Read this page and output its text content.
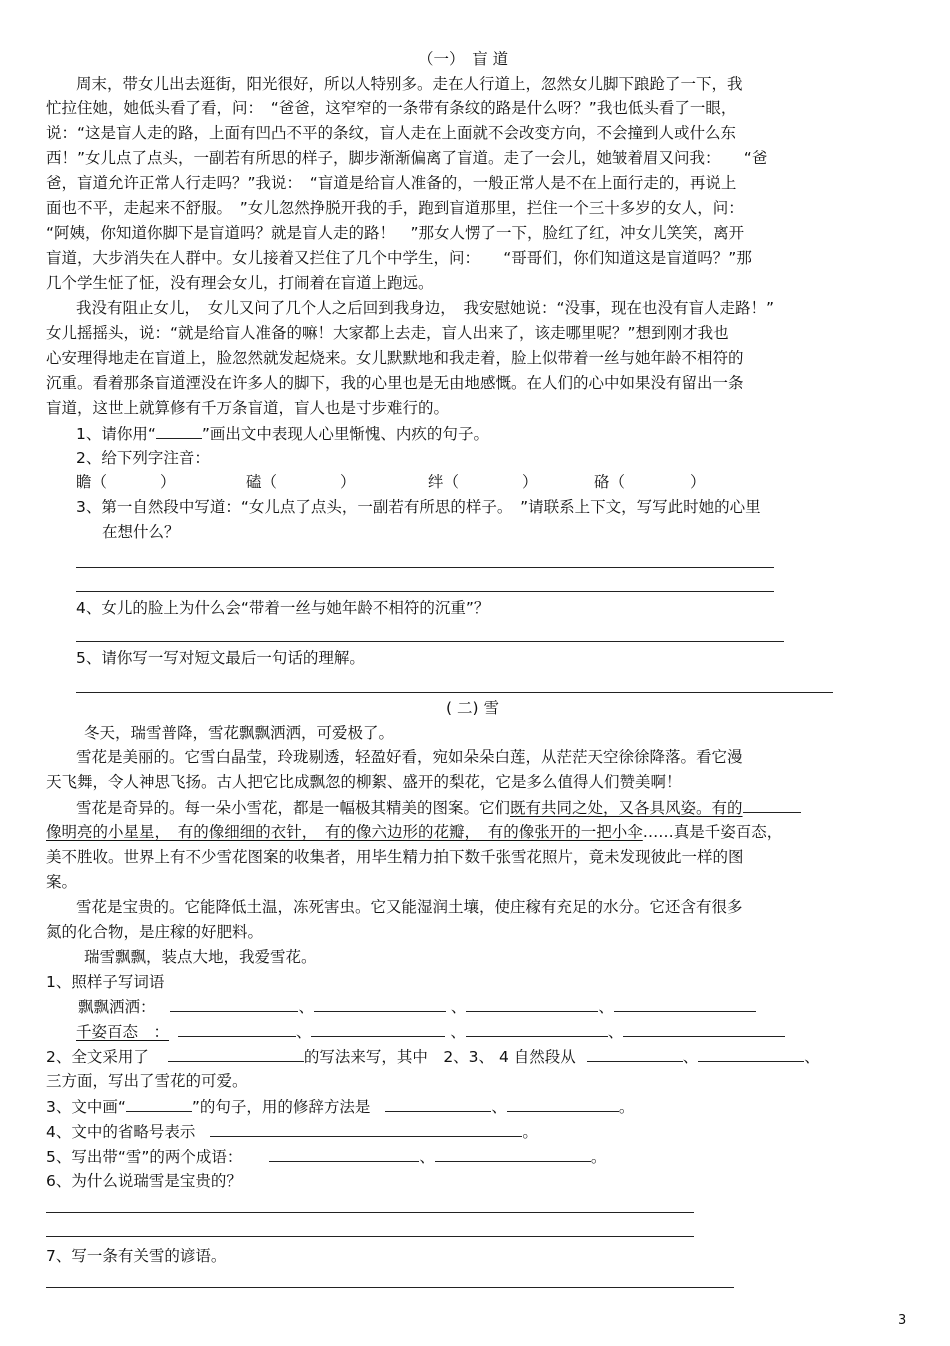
（一）　盲 道
周末，带女儿出去逛街，阳光很好，所以人特别多。走在人行道上，忽然女儿脚下踉跄了一下，我
忙拉住她，她低头看了看，问：　“爸爸，这窄窄的一条带有条纹的路是什么呀？”我也低头看了一眼，
说：“这是盲人走的路，上面有凹凸不平的条纹，盲人走在上面就不会改变方向，不会撞到人或什么东
西！”女儿点了点头，一副若有所思的样子，脚步渐渐偏离了盲道。走了一会儿，她皱着眉又问我：　　“爸
爸，盲道允许正常人行走吗？”我说：　“盲道是给盲人准备的，一般正常人是不在上面行走的，再说上
面也不平，走起来不舒服。　”女儿忽然挣脱开我的手，跑到盲道那里，拦住一个三十多岁的女人，问：
“阿姨，你知道你脚下是盲道吗？就是盲人走的路！　”那女人愣了一下，脸红了红，冲女儿笑笑，离开
盲道，大步消失在人群中。女儿接着又拦住了几个中学生，问：　　“哥哥们，你们知道这是盲道吗？”那
几个学生怔了怔，没有理会女儿，打闹着在盲道上跑远。
我没有阻止女儿，　女儿又问了几个人之后回到我身边，　我安慰她说：“没事，现在也没有盲人走路！”
女儿摇摇头，说：“就是给盲人准备的嘛！大家都上去走，盲人出来了，该走哪里呢？”想到刚才我也
心安理得地走在盲道上，脸忽然就发起烧来。女儿默默地和我走着，脸上似带着一丝与她年龄不相符的
沉重。看着那条盲道湮没在许多人的脚下，我的心里也是无由地感慨。在人们的心中如果没有留出一条
盲道，这世上就算修有千万条盲道，盲人也是寸步难行的。
1、请你用“	”画出文中表现人心里惭愧、内疚的句子。
2、给下列字注音：
瞻（	）	磕（	）	绊（	）	硌（	）
3、第一自然段中写道：“女儿点了点头，一副若有所思的样子。　”请联系上下文，写写此时她的心里
在想什么？
4、女儿的脸上为什么会“带着一丝与她年龄不相符的沉重”？
5、请你写一写对短文最后一句话的理解。
( 二) 雪
冬天，瑞雪普降，雪花飘飘洒洒，可爱极了。
雪花是美丽的。它雪白晶莹，玲珑剔透，轻盈好看，宛如朵朵白莲，从茫茫天空徐徐降落。看它漫
天飞舞，令人神思飞扬。古人把它比成飘忽的柳絮、盛开的梨花，它是多么值得人们赞美啊！
雪花是奇异的。每一朵小雪花，都是一幅极其精美的图案。它们既有共同之处，又各具风姿。有的
像明亮的小星星，　有的像细细的衣针，　有的像六边形的花瓣，　有的像张开的一把小伞……真是千姿百态，
美不胜收。世界上有不少雪花图案的收集者，用毕生精力拍下数千张雪花照片，竟未发现彼此一样的图
案。
雪花是宝贵的。它能降低土温，冻死害虫。它又能湿润土壤，使庄稼有充足的水分。它还含有很多
氮的化合物，是庄稼的好肥料。
瑞雪飘飘，装点大地，我爱雪花。
1、照样子写词语
飘飘洒洒：	、	、	、
千姿百态　：	、	、	、
2、全文采用了	的写法来写，其中　2、3、 4 自然段从	、	、
三方面，写出了雪花的可爱。
3、文中画“	”的句子，用的修辞方法是	、	。
4、文中的省略号表示	。
5、写出带“雪”的两个成语：	、	。
6、为什么说瑞雪是宝贵的？
7、写一条有关雪的谚语。
3
